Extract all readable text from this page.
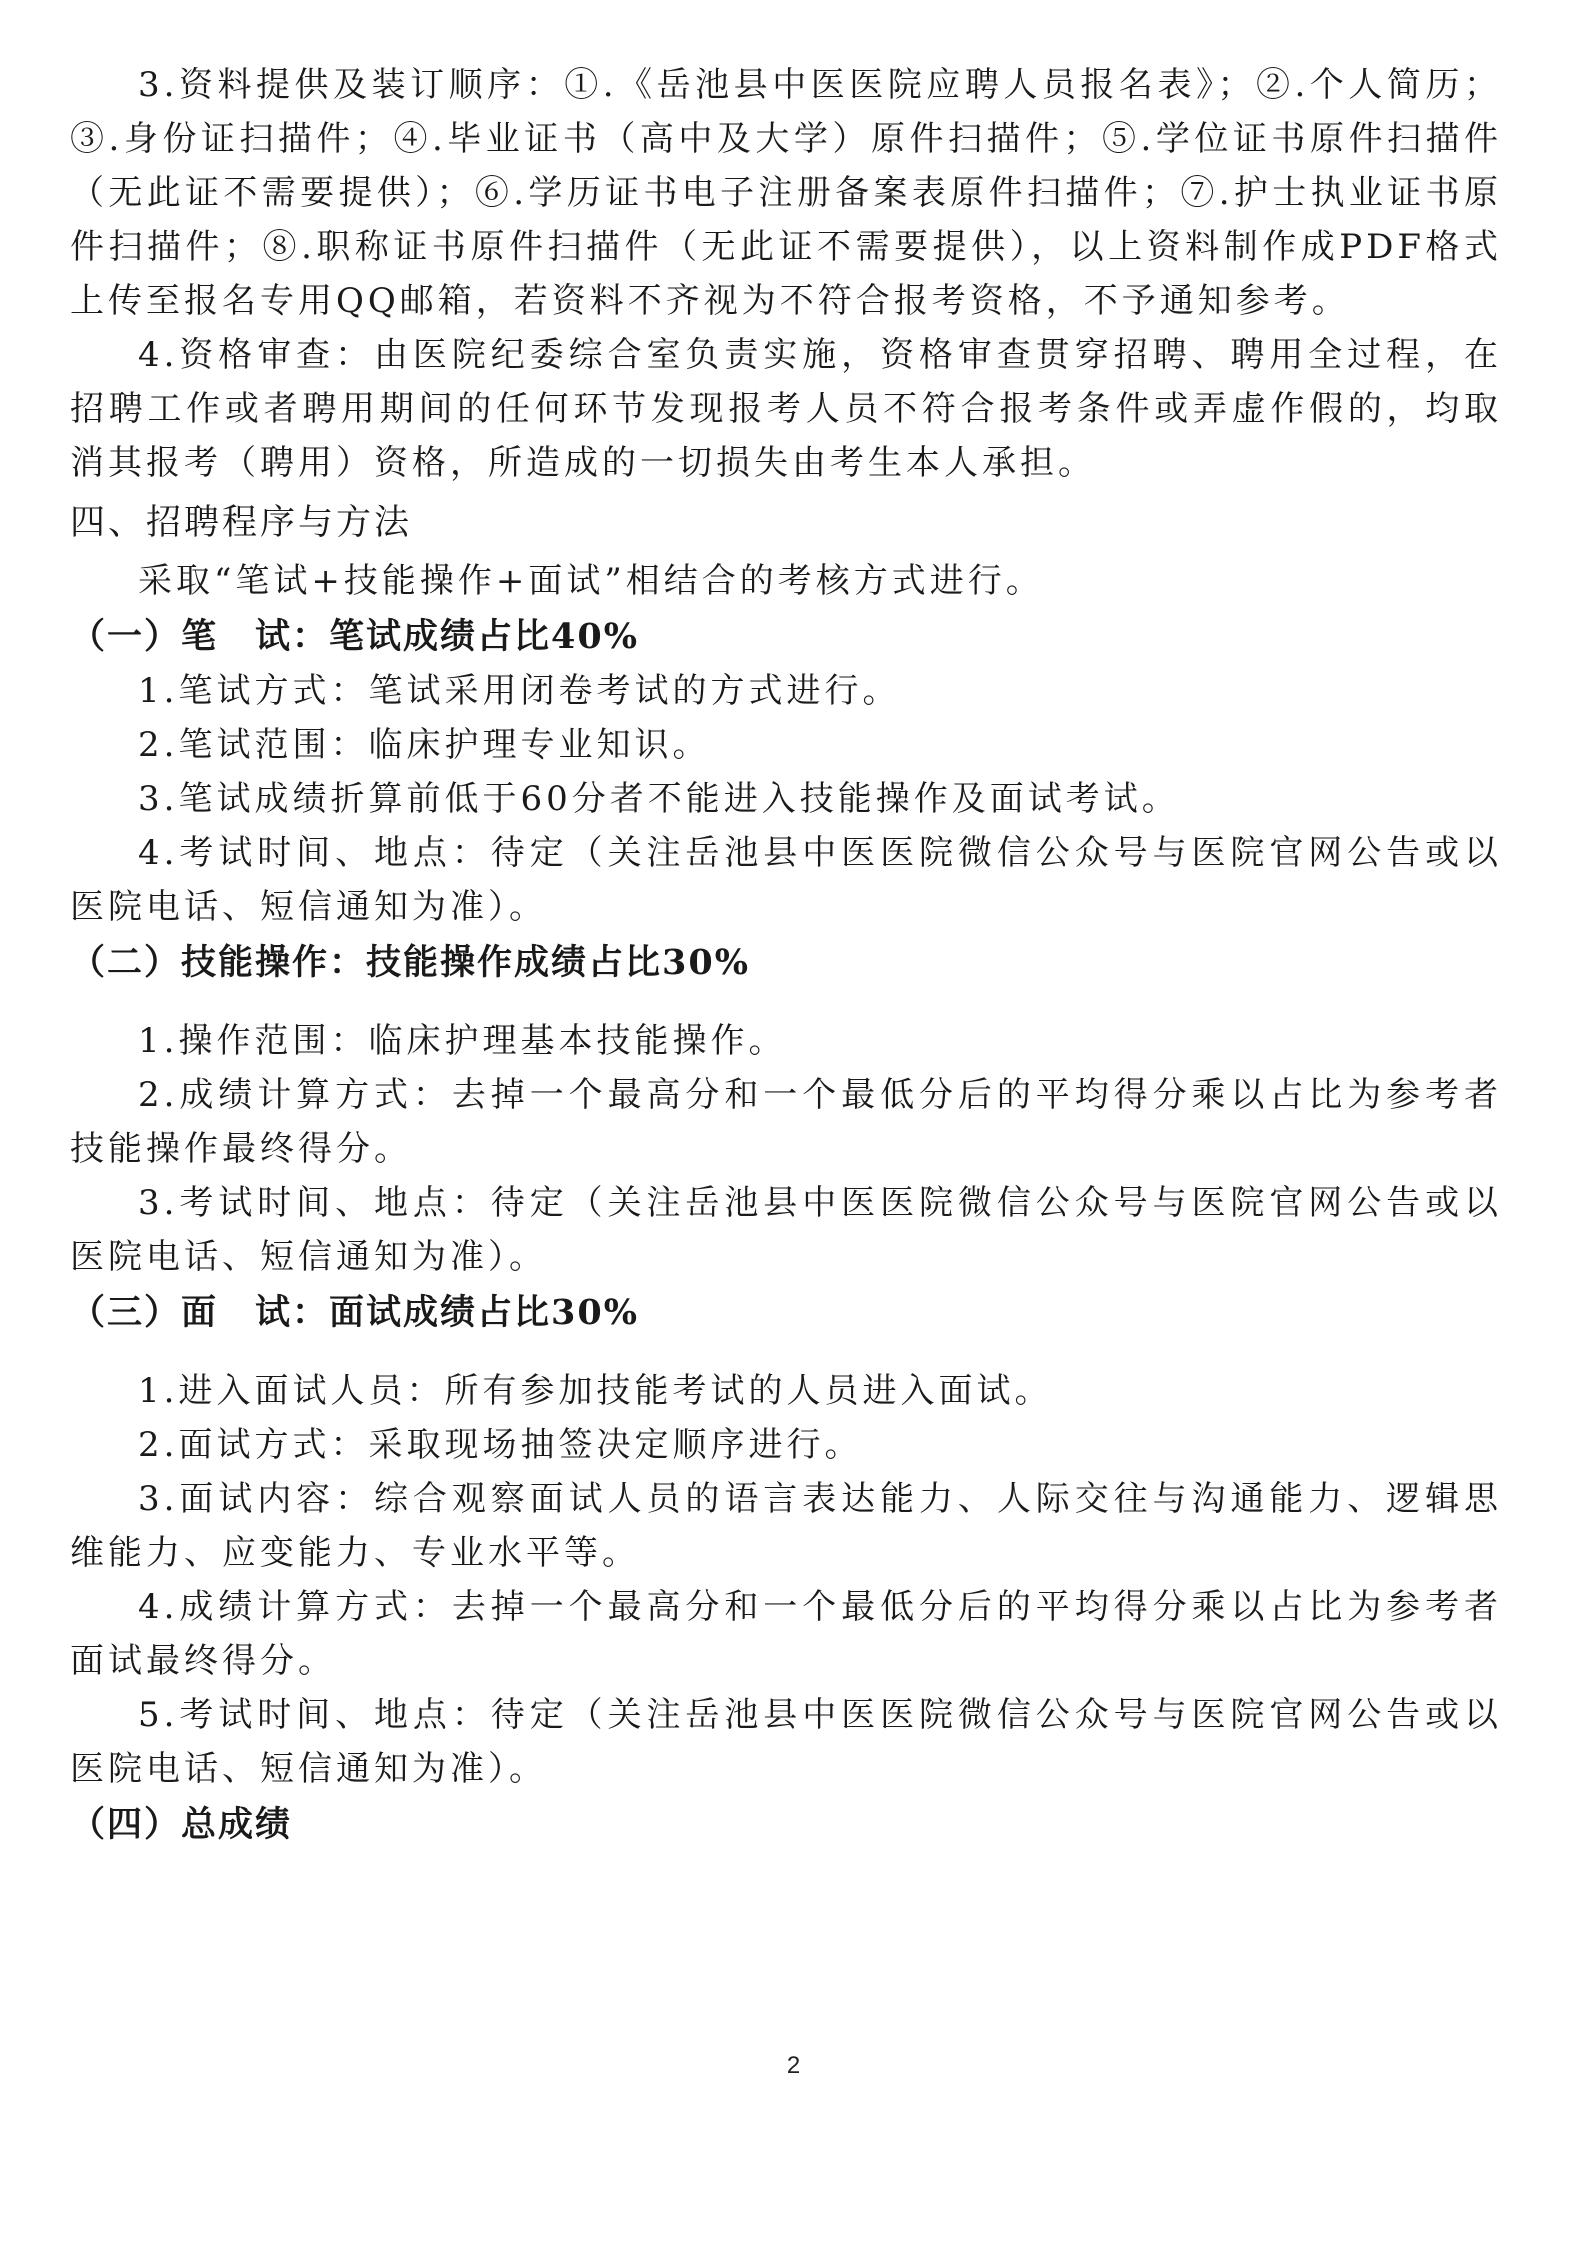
3.资料提供及装订顺序：①.《岳池县中医医院应聘人员报名表》；②.个人简历；③.身份证扫描件；④.毕业证书（高中及大学）原件扫描件；⑤.学位证书原件扫描件（无此证不需要提供）；⑥.学历证书电子注册备案表原件扫描件；⑦.护士执业证书原件扫描件；⑧.职称证书原件扫描件（无此证不需要提供），以上资料制作成PDF格式上传至报名专用QQ邮箱，若资料不齐视为不符合报考资格，不予通知参考。

4.资格审查：由医院纪委综合室负责实施，资格审查贯穿招聘、聘用全过程，在招聘工作或者聘用期间的任何环节发现报考人员不符合报考条件或弄虚作假的，均取消其报考（聘用）资格，所造成的一切损失由考生本人承担。

四、招聘程序与方法

采取“笔试+技能操作+面试”相结合的考核方式进行。

（一）笔　试：笔试成绩占比40%

1.笔试方式：笔试采用闭卷考试的方式进行。

2.笔试范围：临床护理专业知识。

3.笔试成绩折算前低于60分者不能进入技能操作及面试考试。

4.考试时间、地点：待定（关注岳池县中医医院微信公众号与医院官网公告或以医院电话、短信通知为准）。

（二）技能操作：技能操作成绩占比30%

1.操作范围：临床护理基本技能操作。

2.成绩计算方式：去掉一个最高分和一个最低分后的平均得分乘以占比为参考者技能操作最终得分。

3.考试时间、地点：待定（关注岳池县中医医院微信公众号与医院官网公告或以医院电话、短信通知为准）。

（三）面　试：面试成绩占比30%

1.进入面试人员：所有参加技能考试的人员进入面试。

2.面试方式：采取现场抽签决定顺序进行。

3.面试内容：综合观察面试人员的语言表达能力、人际交往与沟通能力、逻辑思维能力、应变能力、专业水平等。

4.成绩计算方式：去掉一个最高分和一个最低分后的平均得分乘以占比为参考者面试最终得分。

5.考试时间、地点：待定（关注岳池县中医医院微信公众号与医院官网公告或以医院电话、短信通知为准）。

（四）总成绩
2
